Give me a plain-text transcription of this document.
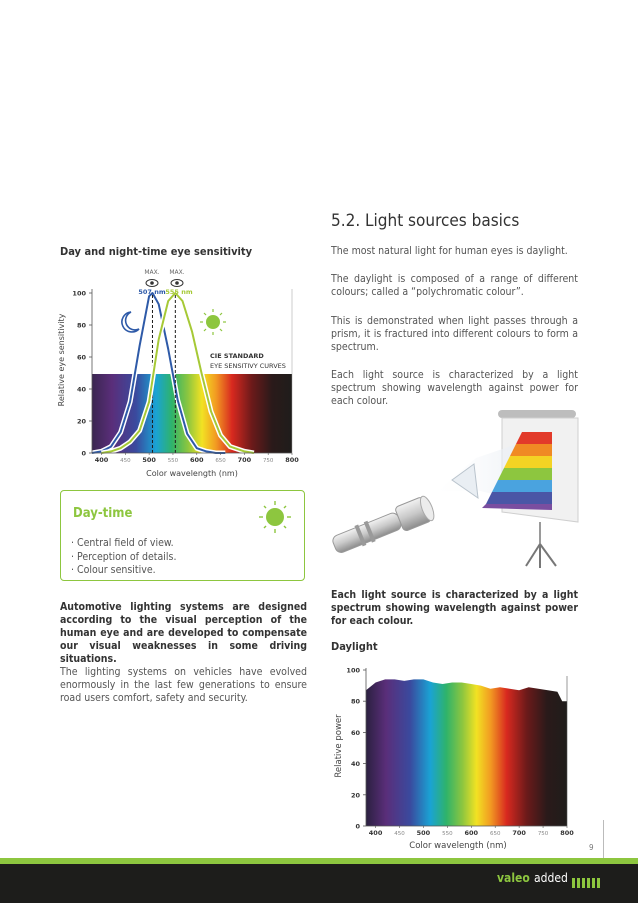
5.2. Light sources basics
The most natural light for human eyes is daylight.
The daylight is composed of a range of different colours; called a “polychromatic colour”.
This is demonstrated when light passes through a prism, it is fractured into different colours to form a spectrum.
Each light source is characterized by a light spectrum showing wavelength against power for each colour.
Each light source is characterized by a light spectrum showing wavelength against power for each colour.
Daylight
0
20
40
60
80
100
400 450 500 550 600 650 700 750 800
Relative power
Color wavelength (nm)
Day and night-time eye sensitivity
0
20
40
60
80
100
400 450 500 550 600 650 700 750 800
MAX. MAX.
507 nm 555 nm
CIE STANDARD
EYE SENSITIVY CURVES
Relative eye sensitivity
Color wavelength (nm)
Day-time
· Central field of view.
· Perception of details.
· Colour sensitive.
Automotive lighting systems are designed according to the visual perception of the human eye and are developed to compensate our visual weaknesses in some driving situations.
The lighting systems on vehicles have evolved enormously in the last few generations to ensure road users comfort, safety and security.
9
valeo added
